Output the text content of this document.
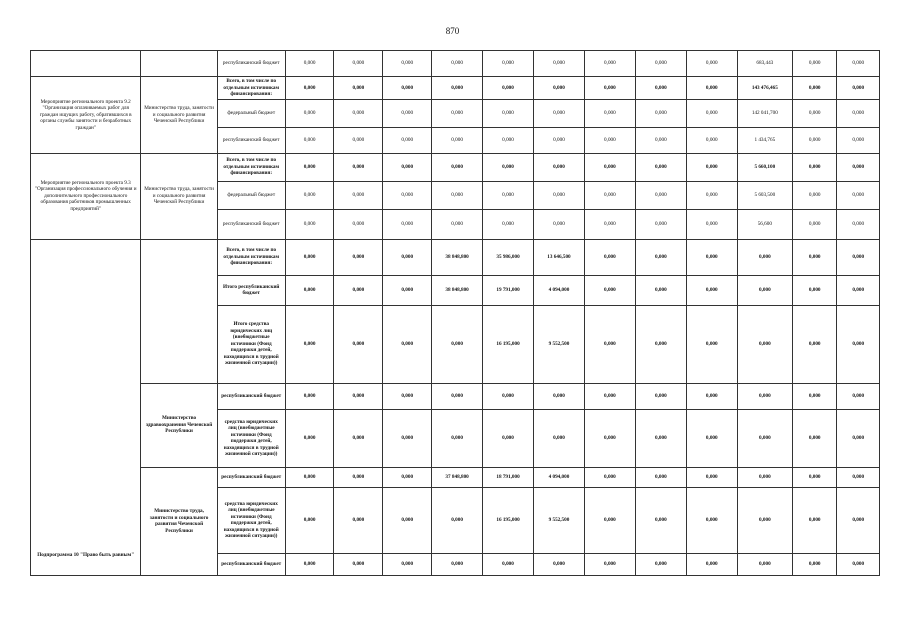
870
		республиканский бюджет	0,000	0,000	0,000	0,000	0,000	0,000	0,000	0,000	0,000	683,443	0,000	0,000
Мероприятие регионального проекта 9.2 "Организация оплачиваемых работ для граждан ищущих работу, обратившихся в органы службы занятости и безработных граждан"	Министерство труда, занятости и социального развития Чеченской Республики	Всего, в том числе по отдельным источникам финансирования:	0,000	0,000	0,000	0,000	0,000	0,000	0,000	0,000	0,000	143 476,465	0,000	0,000
		федеральный бюджет	0,000	0,000	0,000	0,000	0,000	0,000	0,000	0,000	0,000	142 041,700	0,000	0,000
		республиканский бюджет	0,000	0,000	0,000	0,000	0,000	0,000	0,000	0,000	0,000	1 434,765	0,000	0,000
Мероприятие регионального проекта 9.3 "Организация профессионального обучения и дополнительного профессионального образования работников промышленных предприятий"	Министерство труда, занятости и социального развития Чеченской Республики	Всего, в том числе по отдельным источникам финансирования:	0,000	0,000	0,000	0,000	0,000	0,000	0,000	0,000	0,000	5 660,100	0,000	0,000
		федеральный бюджет	0,000	0,000	0,000	0,000	0,000	0,000	0,000	0,000	0,000	5 603,500	0,000	0,000
		республиканский бюджет	0,000	0,000	0,000	0,000	0,000	0,000	0,000	0,000	0,000	56,600	0,000	0,000
Подпрограмма 10 "Право быть равным"		Всего, в том числе по отдельным источникам финансирования:	0,000	0,000	0,000	38 848,800	35 986,000	13 646,500	0,000	0,000	0,000	0,000	0,000	0,000
		Итого республиканский бюджет	0,000	0,000	0,000	38 848,800	19 791,000	4 094,000	0,000	0,000	0,000	0,000	0,000	0,000
		Итого средства юридических лиц (внебюджетные источники (Фонд поддержки детей, находящихся в трудной жизненной ситуации))	0,000	0,000	0,000	0,000	16 195,000	9 552,500	0,000	0,000	0,000	0,000	0,000	0,000
	Министерство здравоохранения Чеченской Республики	республиканский бюджет	0,000	0,000	0,000	0,000	0,000	0,000	0,000	0,000	0,000	0,000	0,000	0,000
		средства юридических лиц (внебюджетные источники (Фонд поддержки детей, находящихся в трудной жизненной ситуации))	0,000	0,000	0,000	0,000	0,000	0,000	0,000	0,000	0,000	0,000	0,000	0,000
	Министерство труда, занятости и социального развития Чеченской Республики	республиканский бюджет	0,000	0,000	0,000	37 848,800	18 791,000	4 094,000	0,000	0,000	0,000	0,000	0,000	0,000
		средства юридических лиц (внебюджетные источники (Фонд поддержки детей, находящихся в трудной жизненной ситуации))	0,000	0,000	0,000	0,000	16 195,000	9 552,500	0,000	0,000	0,000	0,000	0,000	0,000
		республиканский бюджет	0,000	0,000	0,000	0,000	0,000	0,000	0,000	0,000	0,000	0,000	0,000	0,000
